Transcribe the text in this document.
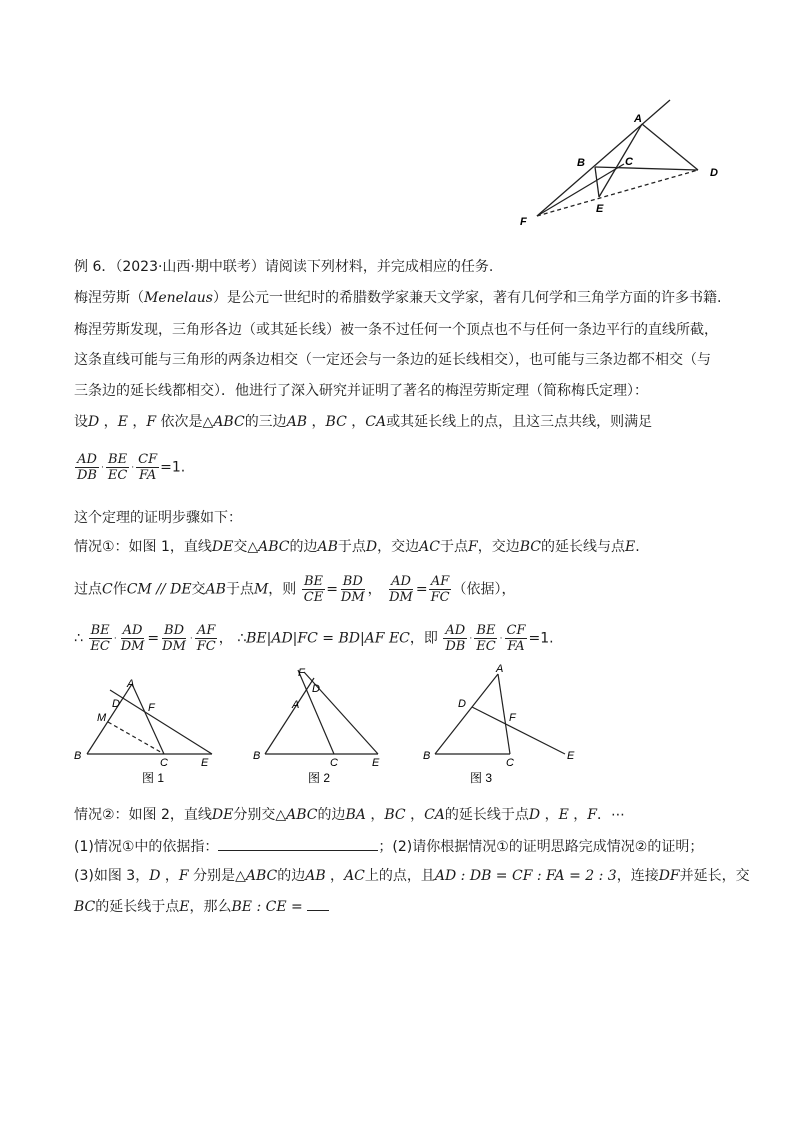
A
B	C
D
E
F
例 6．（2023·山西·期中联考）请阅读下列材料，并完成相应的任务.
梅涅劳斯（Menelaus）是公元一世纪时的希腊数学家兼天文学家，著有几何学和三角学方面的许多书籍.
梅涅劳斯发现，三角形各边（或其延长线）被一条不过任何一个顶点也不与任何一条边平行的直线所截，
这条直线可能与三角形的两条边相交（一定还会与一条边的延长线相交），也可能与三条边都不相交（与
三条边的延长线都相交）．他进行了深入研究并证明了著名的梅涅劳斯定理（简称梅氏定理）：
设D ，E ，F 依次是△ABC的三边AB ，BC ，CA或其延长线上的点，且这三点共线，则满足
$\frac{AD}{DB} \cdot \frac{BE}{EC} \cdot \frac{CF}{FA} =1$.
这个定理的证明步骤如下：
情况①：如图 1，直线DE交△ABC的边AB于点D，交边AC于点F，交边BC的延长线与点E.
过点C作CM // DE交AB于点M，则 $\frac{BE}{CE} = \frac{BD}{DM}$ ， $\frac{AD}{DM} = \frac{AF}{FC}$ （依据），
∴ $\frac{BE}{EC} \cdot \frac{AD}{DM} = \frac{BD}{DM} \cdot \frac{AF}{FC}$ ， ∴BE|AD|FC = BD|AF EC，即 $\frac{AD}{DB} \cdot \frac{BE}{EC} \cdot \frac{CF}{FA} =1$.
A
D	F
M
B
C	E
图 1
F
D
A
B
C	E
图 2
A
D
F
B
C
E
图 3
情况②：如图 2，直线DE分别交△ABC的边BA ，BC ，CA的延长线于点D ，E ，F．⋯
(1)情况①中的依据指：	；(2)请你根据情况①的证明思路完成情况②的证明；
(3)如图 3，D ，F 分别是△ABC的边AB ，AC上的点，且AD : DB = CF : FA = 2 : 3，连接DF并延长，交
BC的延长线于点E，那么BE : CE =
